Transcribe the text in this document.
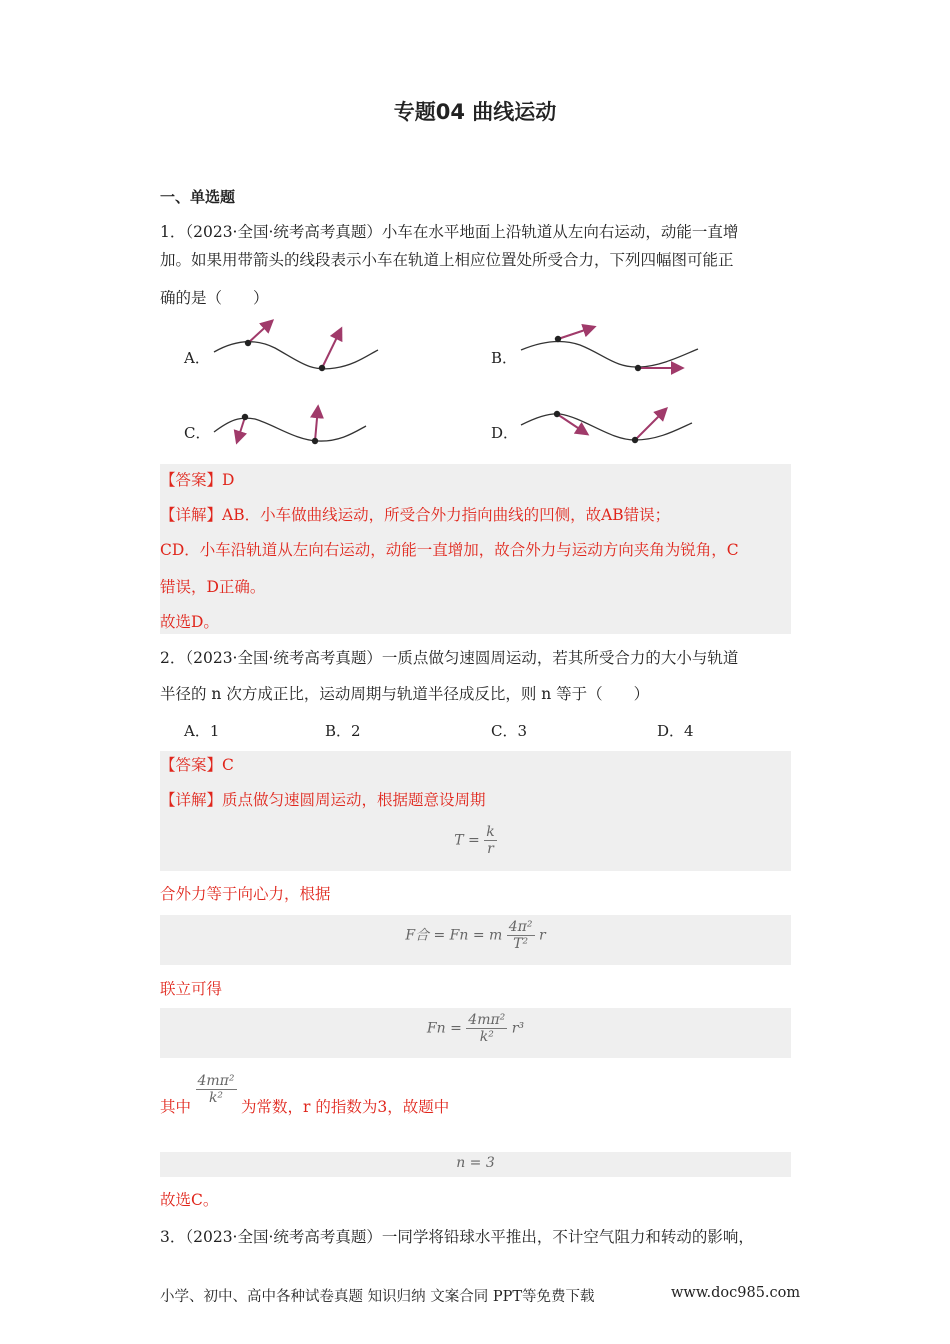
专题04 曲线运动
一、单选题
1．（2023·全国·统考高考真题）小车在水平地面上沿轨道从左向右运动，动能一直增
加。如果用带箭头的线段表示小车在轨道上相应位置处所受合力，下列四幅图可能正
确的是（　　）
A．	B．
C．	D．
【答案】D
【详解】AB．小车做曲线运动，所受合外力指向曲线的凹侧，故AB错误；
CD．小车沿轨道从左向右运动，动能一直增加，故合外力与运动方向夹角为锐角，C
错误，D正确。
故选D。
2．（2023·全国·统考高考真题）一质点做匀速圆周运动，若其所受合力的大小与轨道
半径的 n 次方成正比，运动周期与轨道半径成反比，则 n 等于（　　）
A．1	B．2	C．3	D．4
【答案】C
【详解】质点做匀速圆周运动，根据题意设周期
$T = \frac{k}{r}$
合外力等于向心力，根据
F合 = Fn = m $\frac{\text{4π²}}{\text{T²}}$ r
联立可得
$Fn = \frac{\text{4mπ²}}{\text{k²}} r^3$
其中
$\frac{\text{4mπ²}}{\text{k²}}$
为常数，r 的指数为3，故题中
n = 3
故选C。
3．（2023·全国·统考高考真题）一同学将铅球水平推出，不计空气阻力和转动的影响，
小学、初中、高中各种试卷真题 知识归纳 文案合同 PPT等免费下载	www.doc985.com
